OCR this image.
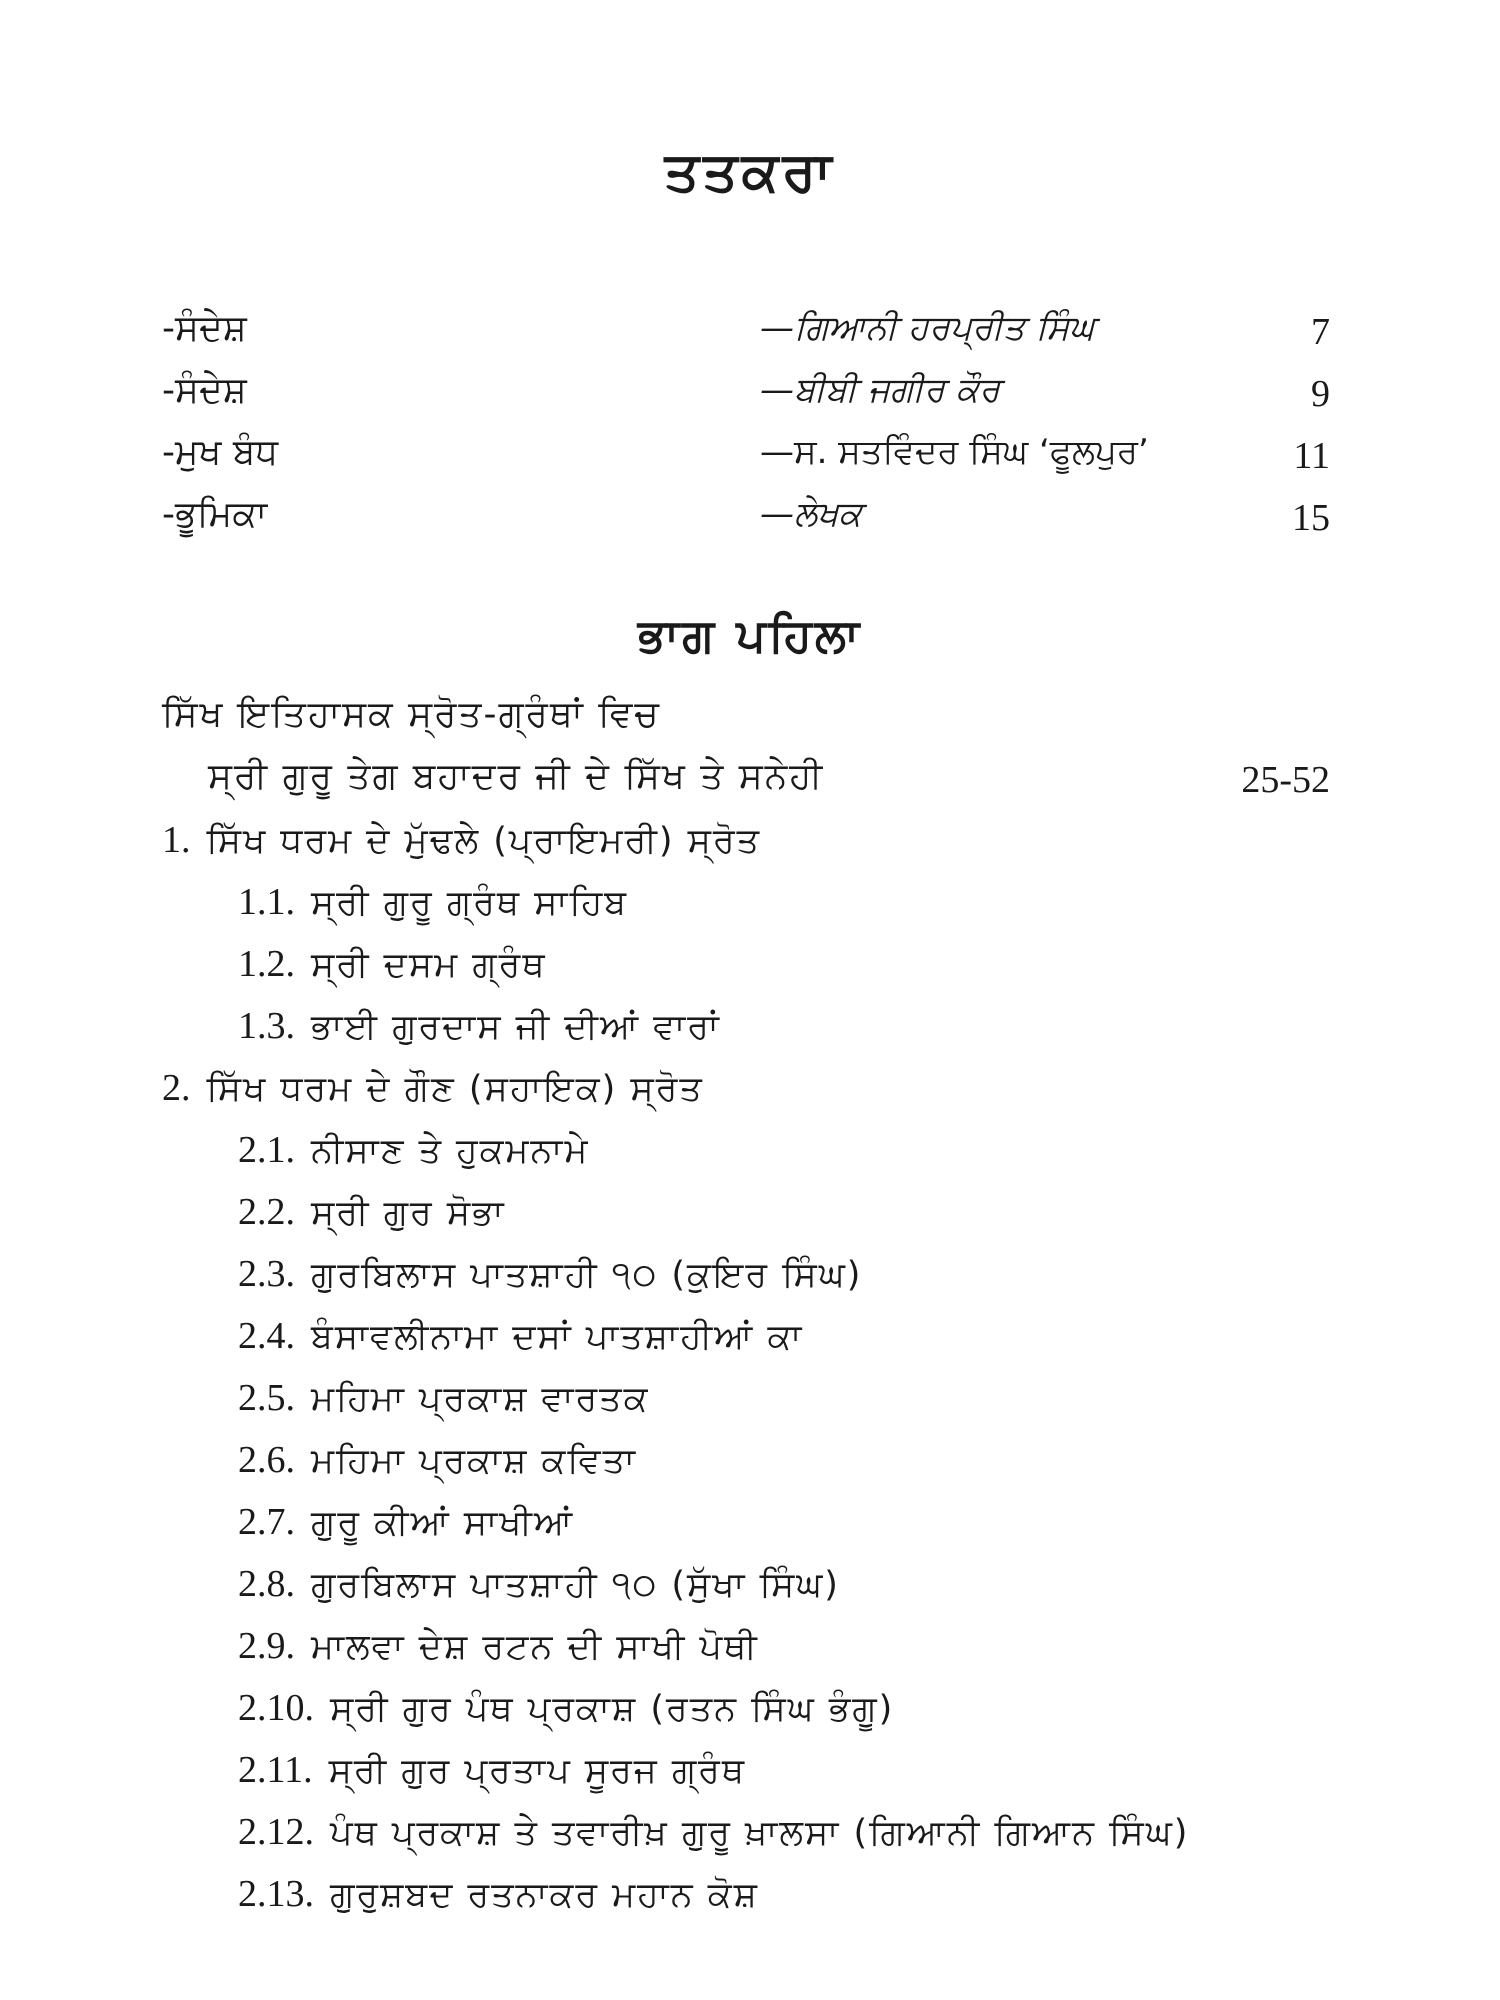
ਤਤਕਰਾ
-ਸੰਦੇਸ਼	—ਗਿਆਨੀ ਹਰਪ੍ਰੀਤ ਸਿੰਘ	7
-ਸੰਦੇਸ਼	—ਬੀਬੀ ਜਗੀਰ ਕੌਰ	9
-ਮੁਖ ਬੰਧ	—ਸ. ਸਤਵਿੰਦਰ ਸਿੰਘ ‘ਫੂਲਪੁਰ’	11
-ਭੂਮਿਕਾ	—ਲੇਖਕ	15
ਭਾਗ ਪਹਿਲਾ
ਸਿੱਖ ਇਤਿਹਾਸਕ ਸ੍ਰੋਤ-ਗ੍ਰੰਥਾਂ ਵਿਚ
ਸ੍ਰੀ ਗੁਰੂ ਤੇਗ ਬਹਾਦਰ ਜੀ ਦੇ ਸਿੱਖ ਤੇ ਸਨੇਹੀ	25-52
1. ਸਿੱਖ ਧਰਮ ਦੇ ਮੁੱਢਲੇ (ਪ੍ਰਾਇਮਰੀ) ਸ੍ਰੋਤ
1.1. ਸ੍ਰੀ ਗੁਰੂ ਗ੍ਰੰਥ ਸਾਹਿਬ
1.2. ਸ੍ਰੀ ਦਸਮ ਗ੍ਰੰਥ
1.3. ਭਾਈ ਗੁਰਦਾਸ ਜੀ ਦੀਆਂ ਵਾਰਾਂ
2. ਸਿੱਖ ਧਰਮ ਦੇ ਗੌਣ (ਸਹਾਇਕ) ਸ੍ਰੋਤ
2.1. ਨੀਸਾਣ ਤੇ ਹੁਕਮਨਾਮੇ
2.2. ਸ੍ਰੀ ਗੁਰ ਸੋਭਾ
2.3. ਗੁਰਬਿਲਾਸ ਪਾਤਸ਼ਾਹੀ ੧੦ (ਕੁਇਰ ਸਿੰਘ)
2.4. ਬੰਸਾਵਲੀਨਾਮਾ ਦਸਾਂ ਪਾਤਸ਼ਾਹੀਆਂ ਕਾ
2.5. ਮਹਿਮਾ ਪ੍ਰਕਾਸ਼ ਵਾਰਤਕ
2.6. ਮਹਿਮਾ ਪ੍ਰਕਾਸ਼ ਕਵਿਤਾ
2.7. ਗੁਰੂ ਕੀਆਂ ਸਾਖੀਆਂ
2.8. ਗੁਰਬਿਲਾਸ ਪਾਤਸ਼ਾਹੀ ੧੦ (ਸੁੱਖਾ ਸਿੰਘ)
2.9. ਮਾਲਵਾ ਦੇਸ਼ ਰਟਨ ਦੀ ਸਾਖੀ ਪੋਥੀ
2.10. ਸ੍ਰੀ ਗੁਰ ਪੰਥ ਪ੍ਰਕਾਸ਼ (ਰਤਨ ਸਿੰਘ ਭੰਗੂ)
2.11. ਸ੍ਰੀ ਗੁਰ ਪ੍ਰਤਾਪ ਸੂਰਜ ਗ੍ਰੰਥ
2.12. ਪੰਥ ਪ੍ਰਕਾਸ਼ ਤੇ ਤਵਾਰੀਖ਼ ਗੁਰੂ ਖ਼ਾਲਸਾ (ਗਿਆਨੀ ਗਿਆਨ ਸਿੰਘ)
2.13. ਗੁਰੁਸ਼ਬਦ ਰਤਨਾਕਰ ਮਹਾਨ ਕੋਸ਼
